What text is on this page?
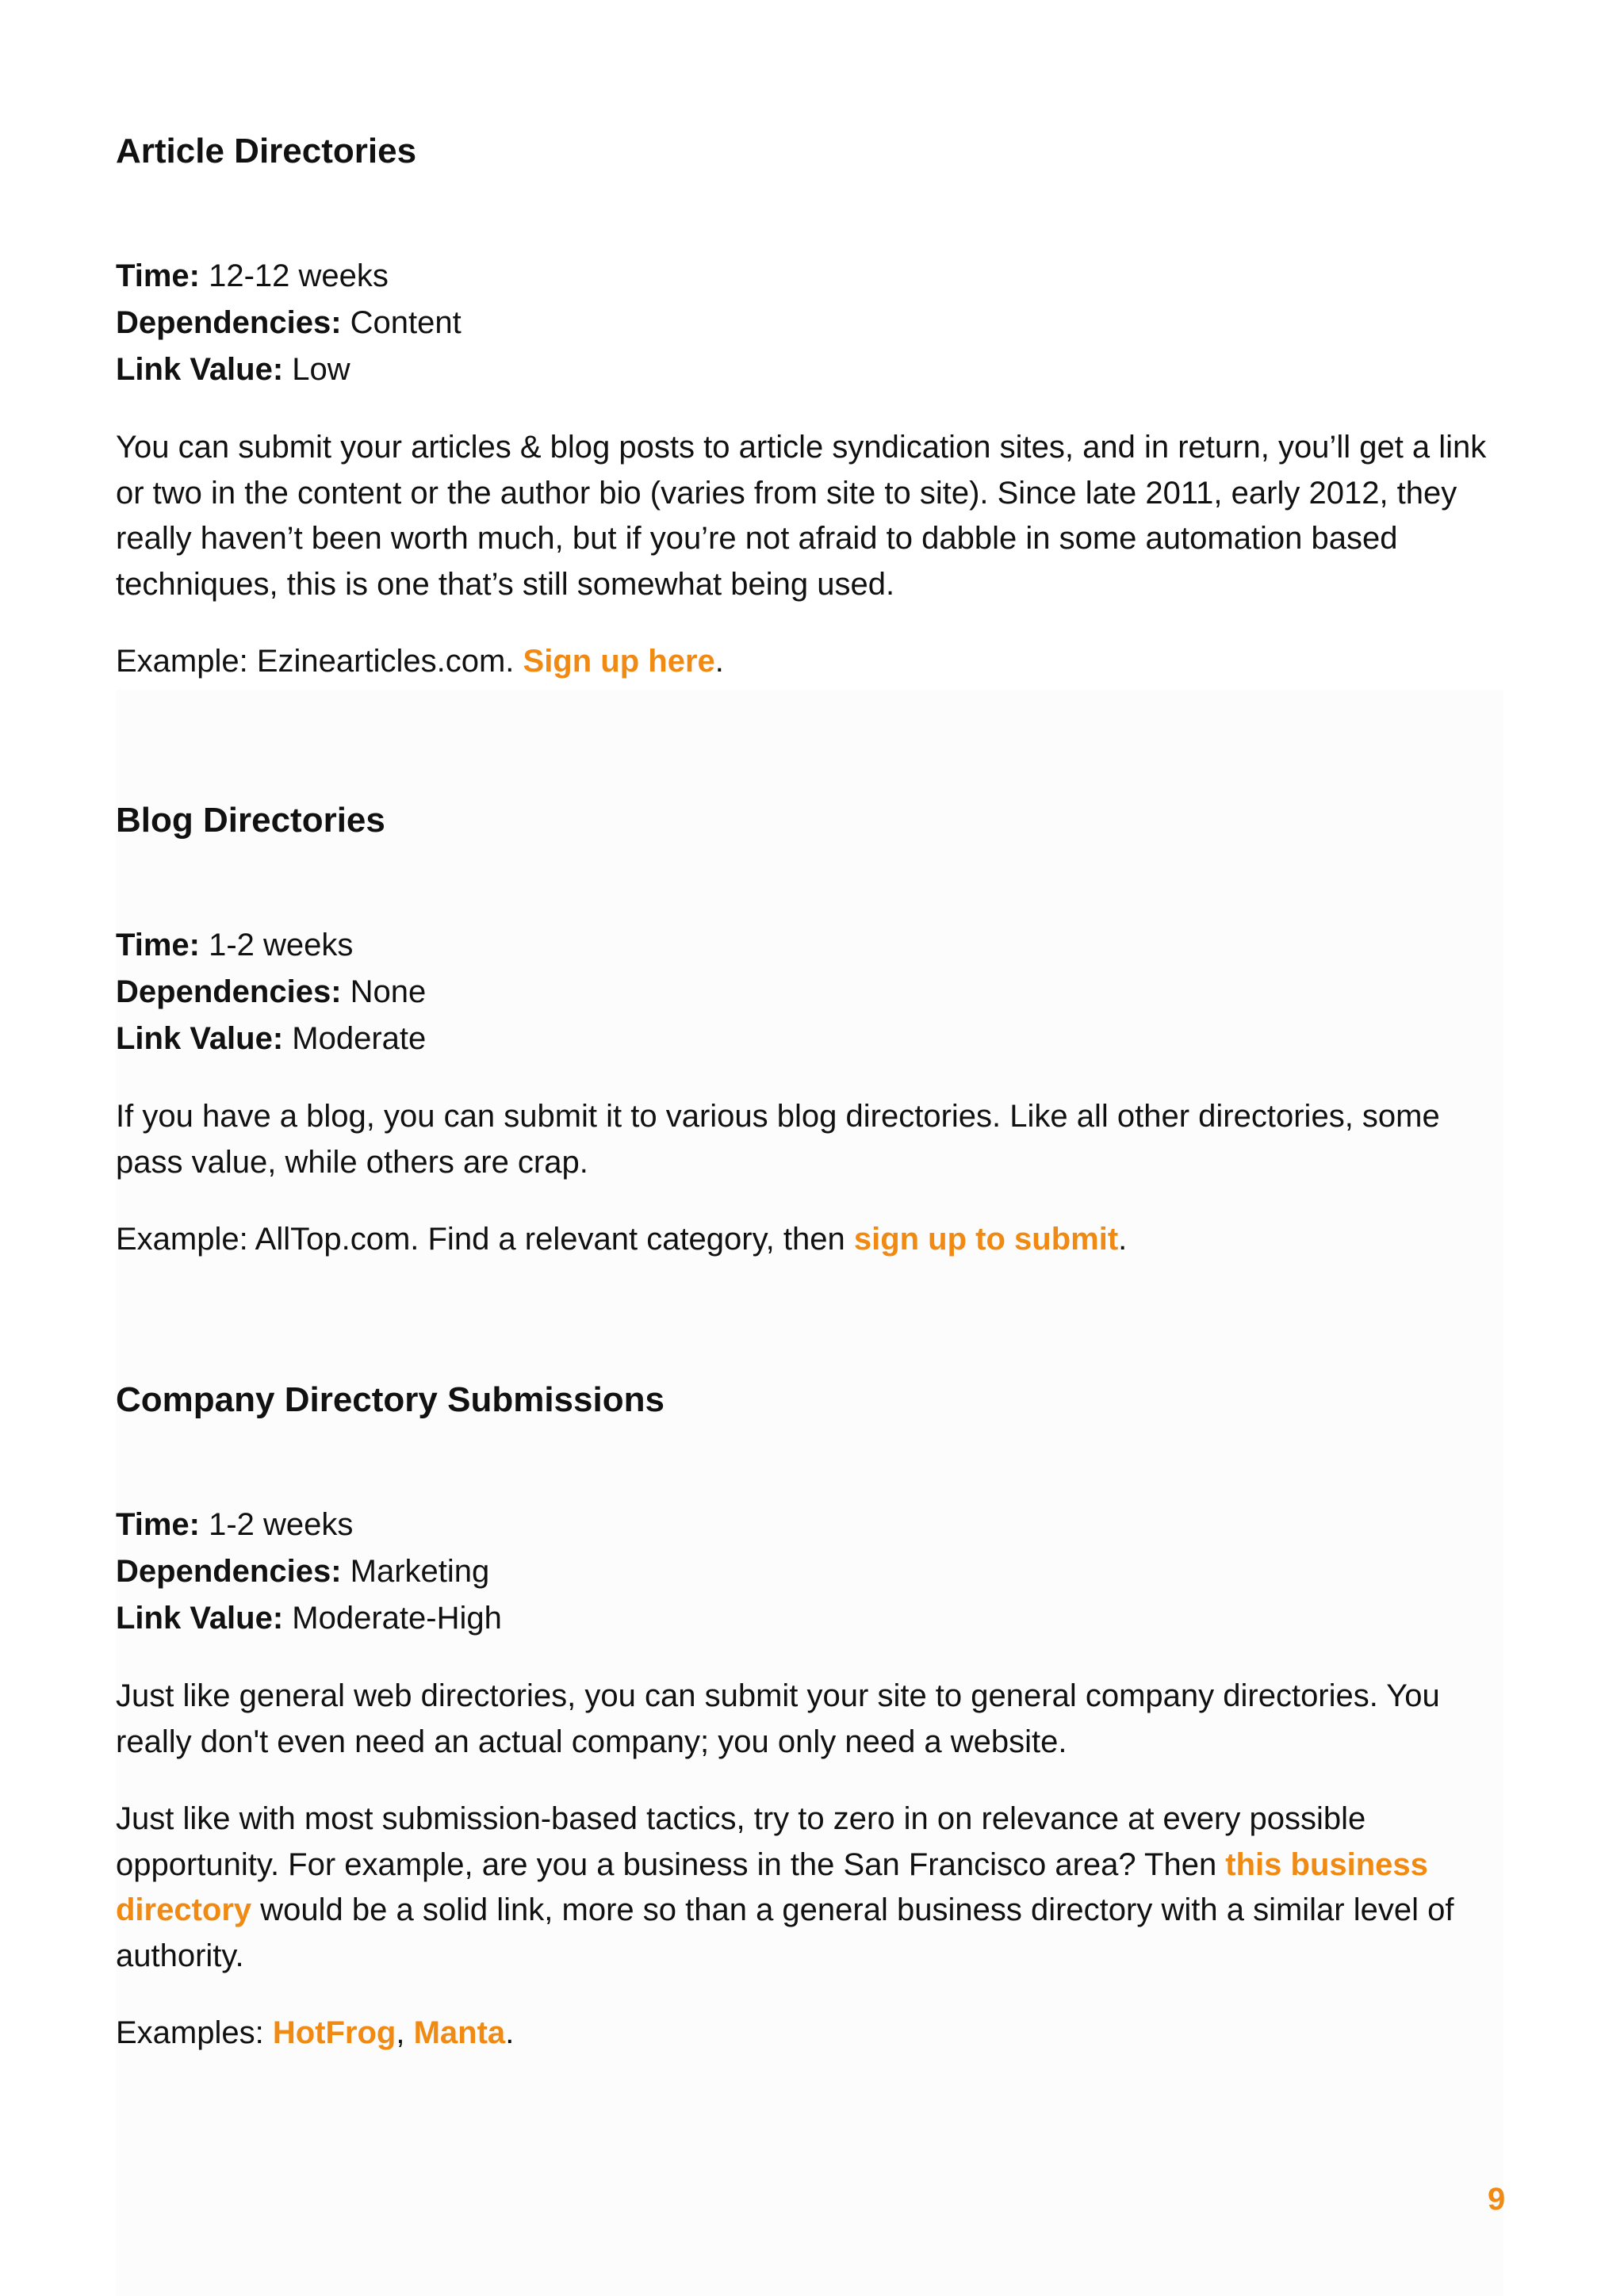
Article Directories
Time: 12-12 weeks
Dependencies: Content
Link Value: Low

You can submit your articles & blog posts to article syndication sites, and in return, you’ll get a link or two in the content or the author bio (varies from site to site). Since late 2011, early 2012, they really haven’t been worth much, but if you’re not afraid to dabble in some automation based techniques, this is one that’s still somewhat being used.

Example: Ezinearticles.com. Sign up here.

Blog Directories
Time: 1-2 weeks
Dependencies: None
Link Value: Moderate

If you have a blog, you can submit it to various blog directories. Like all other directories, some pass value, while others are crap.

Example: AllTop.com. Find a relevant category, then sign up to submit.

Company Directory Submissions
Time: 1-2 weeks
Dependencies: Marketing
Link Value: Moderate-High

Just like general web directories, you can submit your site to general company directories. You really don't even need an actual company; you only need a website.

Just like with most submission-based tactics, try to zero in on relevance at every possible opportunity. For example, are you a business in the San Francisco area? Then this business directory would be a solid link, more so than a general business directory with a similar level of authority.

Examples: HotFrog, Manta.

9
